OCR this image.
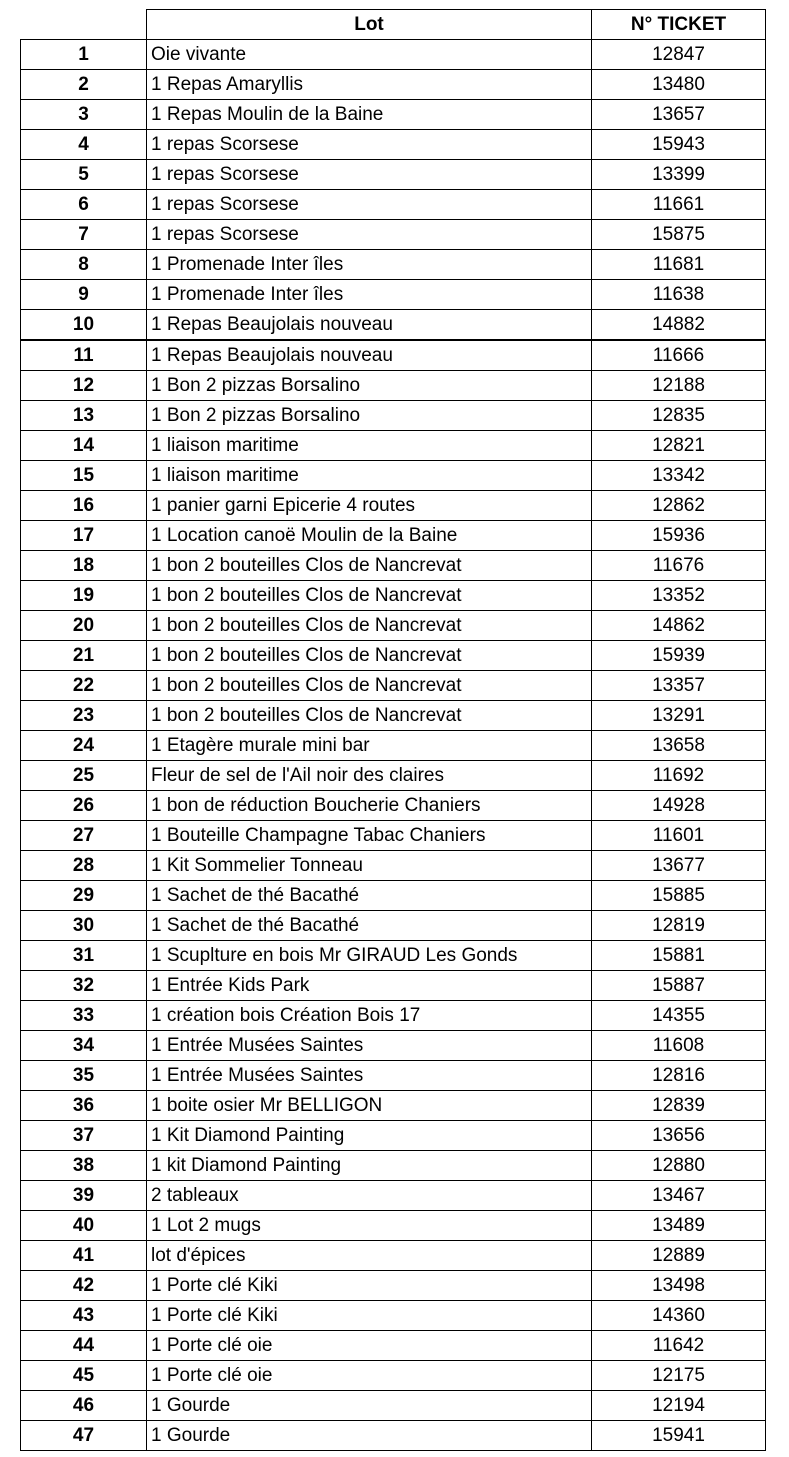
	Lot	N° TICKET
1	Oie vivante	12847
2	1 Repas Amaryllis	13480
3	1 Repas Moulin de la Baine	13657
4	1 repas Scorsese	15943
5	1 repas Scorsese	13399
6	1 repas Scorsese	11661
7	1 repas Scorsese	15875
8	1 Promenade Inter îles	11681
9	1 Promenade Inter îles	11638
10	1 Repas Beaujolais nouveau	14882
11	1 Repas Beaujolais nouveau	11666
12	1 Bon 2 pizzas Borsalino	12188
13	1 Bon 2 pizzas Borsalino	12835
14	1 liaison maritime	12821
15	1 liaison maritime	13342
16	1 panier garni Epicerie 4 routes	12862
17	1 Location canoë Moulin de la Baine	15936
18	1 bon 2 bouteilles Clos de Nancrevat	11676
19	1 bon 2 bouteilles Clos de Nancrevat	13352
20	1 bon 2 bouteilles Clos de Nancrevat	14862
21	1 bon 2 bouteilles Clos de Nancrevat	15939
22	1 bon 2 bouteilles Clos de Nancrevat	13357
23	1 bon 2 bouteilles Clos de Nancrevat	13291
24	1 Etagère murale mini bar	13658
25	Fleur de sel de l'Ail noir des claires	11692
26	1 bon de réduction Boucherie Chaniers	14928
27	1 Bouteille Champagne Tabac Chaniers	11601
28	1 Kit Sommelier Tonneau	13677
29	1 Sachet de thé Bacathé	15885
30	1 Sachet de thé Bacathé	12819
31	1 Scuplture en bois Mr GIRAUD Les Gonds	15881
32	1 Entrée Kids Park	15887
33	1 création bois Création Bois 17	14355
34	1 Entrée Musées Saintes	11608
35	1 Entrée Musées Saintes	12816
36	1 boite osier Mr BELLIGON	12839
37	1 Kit Diamond Painting	13656
38	1 kit Diamond Painting	12880
39	2 tableaux	13467
40	1 Lot 2 mugs	13489
41	lot d'épices	12889
42	1 Porte clé Kiki	13498
43	1 Porte clé Kiki	14360
44	1 Porte clé oie	11642
45	1 Porte clé oie	12175
46	1 Gourde	12194
47	1 Gourde	15941
